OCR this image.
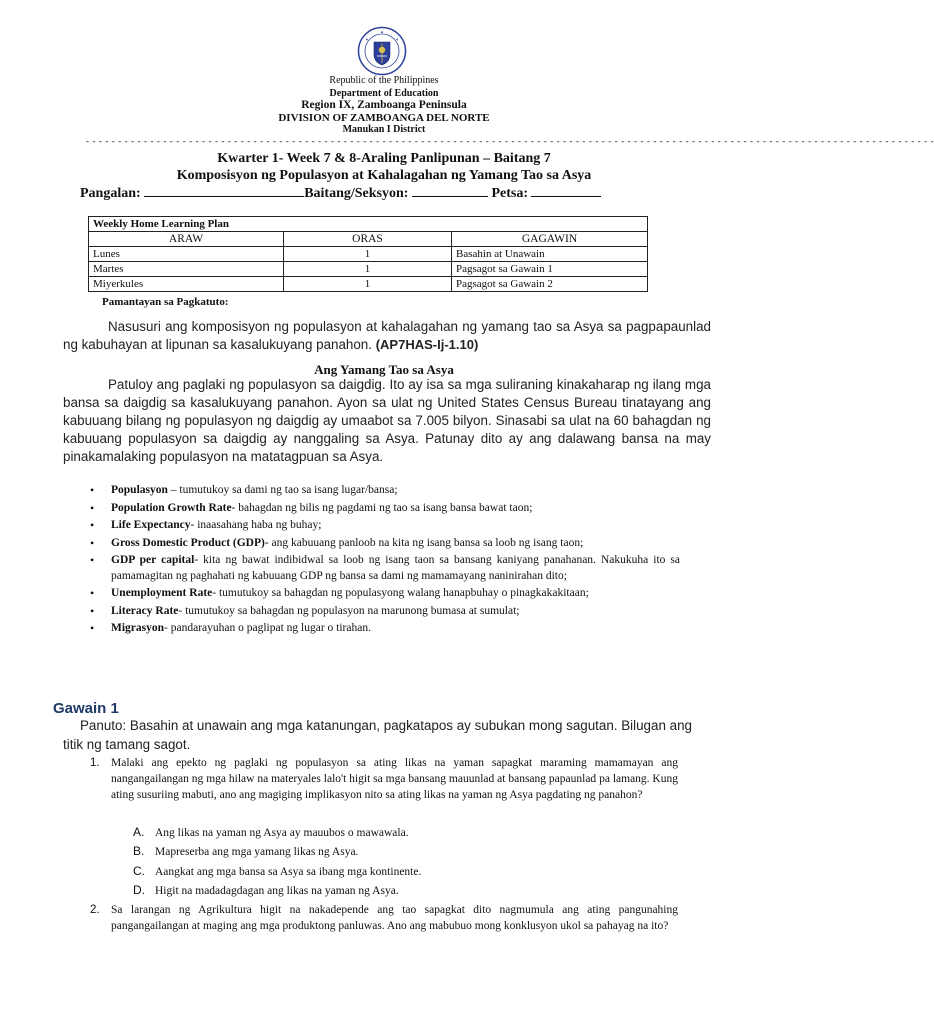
Republic of the Philippines
Department of Education
Region IX, Zamboanga Peninsula
DIVISION OF ZAMBOANGA DEL NORTE
Manukan I District
- - - - - - - - - - - - - - - - - - - - - - - - - - - - - - - - - - - - - - - - - - - - - - - - - - - - - - - - - - - - - - - - - - - - - - - - - - - - - - - - - - - - - - - - - - - - - - - - - - - - - - - - - - - - - - - - - - - - - - - - - - - - - - - - - - - -
Kwarter 1- Week 7 & 8-Araling Panlipunan – Baitang 7
Komposisyon ng Populasyon at Kahalagahan ng Yamang Tao sa Asya
Pangalan:	Baitang/Seksyon:	Petsa:
Weekly Home Learning Plan		
ARAW	ORAS	GAGAWIN
Lunes	1	Basahin at Unawain
Martes	1	Pagsagot sa Gawain 1
Miyerkules	1	Pagsagot sa Gawain 2
Pamantayan sa Pagkatuto:

Nasusuri ang komposisyon ng populasyon at kahalagahan ng yamang tao sa Asya sa pagpapaunlad ng kabuhayan at lipunan sa kasalukuyang panahon. (AP7HAS-Ij-1.10)

Ang Yamang Tao sa Asya

Patuloy ang paglaki ng populasyon sa daigdig. Ito ay isa sa mga suliraning kinakaharap ng ilang mga bansa sa daigdig sa kasalukuyang panahon. Ayon sa ulat ng United States Census Bureau tinatayang ang kabuuang bilang ng populasyon ng daigdig ay umaabot sa 7.005 bilyon. Sinasabi sa ulat na 60 bahagdan ng kabuuang populasyon sa daigdig ay nanggaling sa Asya. Patunay dito ay ang dalawang bansa na may pinakamalaking populasyon na matatagpuan sa Asya.

• Populasyon – tumutukoy sa dami ng tao sa isang lugar/bansa;
• Population Growth Rate- bahagdan ng bilis ng pagdami ng tao sa isang bansa bawat taon;
• Life Expectancy- inaasahang haba ng buhay;
• Gross Domestic Product (GDP)- ang kabuuang panloob na kita ng isang bansa sa loob ng isang taon;
• GDP per capital- kita ng bawat indibidwal sa loob ng isang taon sa bansang kaniyang panahanan. Nakukuha ito sa pamamagitan ng paghahati ng kabuuang GDP ng bansa sa dami ng mamamayang naninirahan dito;
• Unemployment Rate- tumutukoy sa bahagdan ng populasyong walang hanapbuhay o pinagkakakitaan;
• Literacy Rate- tumutukoy sa bahagdan ng populasyon na marunong bumasa at sumulat;
• Migrasyon- pandarayuhan o paglipat ng lugar o tirahan.
Gawain 1

Panuto: Basahin at unawain ang mga katanungan, pagkatapos ay subukan mong sagutan. Bilugan ang titik ng tamang sagot.

1. Malaki ang epekto ng paglaki ng populasyon sa ating likas na yaman sapagkat maraming mamamayan ang nangangailangan ng mga hilaw na materyales lalo't higit sa mga bansang mauunlad at bansang papaunlad pa lamang. Kung ating susuriing mabuti, ano ang magiging implikasyon nito sa ating likas na yaman ng Asya pagdating ng panahon?
A. Ang likas na yaman ng Asya ay mauubos o mawawala.
B. Mapreserba ang mga yamang likas ng Asya.
C. Aangkat ang mga bansa sa Asya sa ibang mga kontinente.
D. Higit na madadagdagan ang likas na yaman ng Asya.
2. Sa larangan ng Agrikultura higit na nakadepende ang tao sapagkat dito nagmumula ang ating pangunahing pangangailangan at maging ang mga produktong panluwas. Ano ang mabubuo mong konklusyon ukol sa pahayag na ito?
